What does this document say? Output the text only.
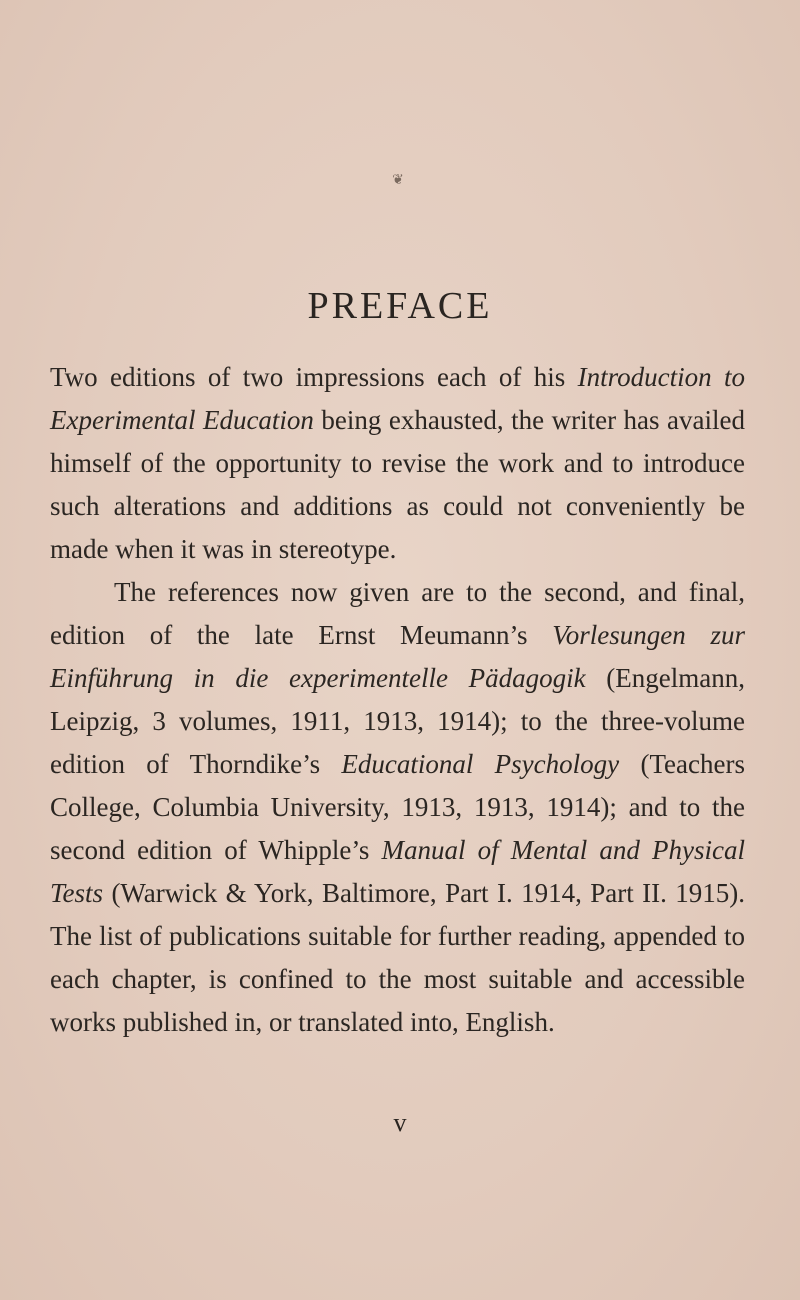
❦
PREFACE

Two editions of two impressions each of his Introduction to Experimental Education being exhausted, the writer has availed himself of the opportunity to revise the work and to introduce such alterations and additions as could not conveniently be made when it was in stereotype.

The references now given are to the second, and final, edition of the late Ernst Meumann’s Vorlesungen zur Einführung in die experimentelle Pädagogik (Engelmann, Leipzig, 3 volumes, 1911, 1913, 1914); to the three-volume edition of Thorndike’s Educational Psychology (Teachers College, Columbia University, 1913, 1913, 1914); and to the second edition of Whipple’s Manual of Mental and Physical Tests (Warwick & York, Baltimore, Part I. 1914, Part II. 1915). The list of publications suitable for further reading, appended to each chapter, is confined to the most suitable and accessible works published in, or translated into, English.

v
